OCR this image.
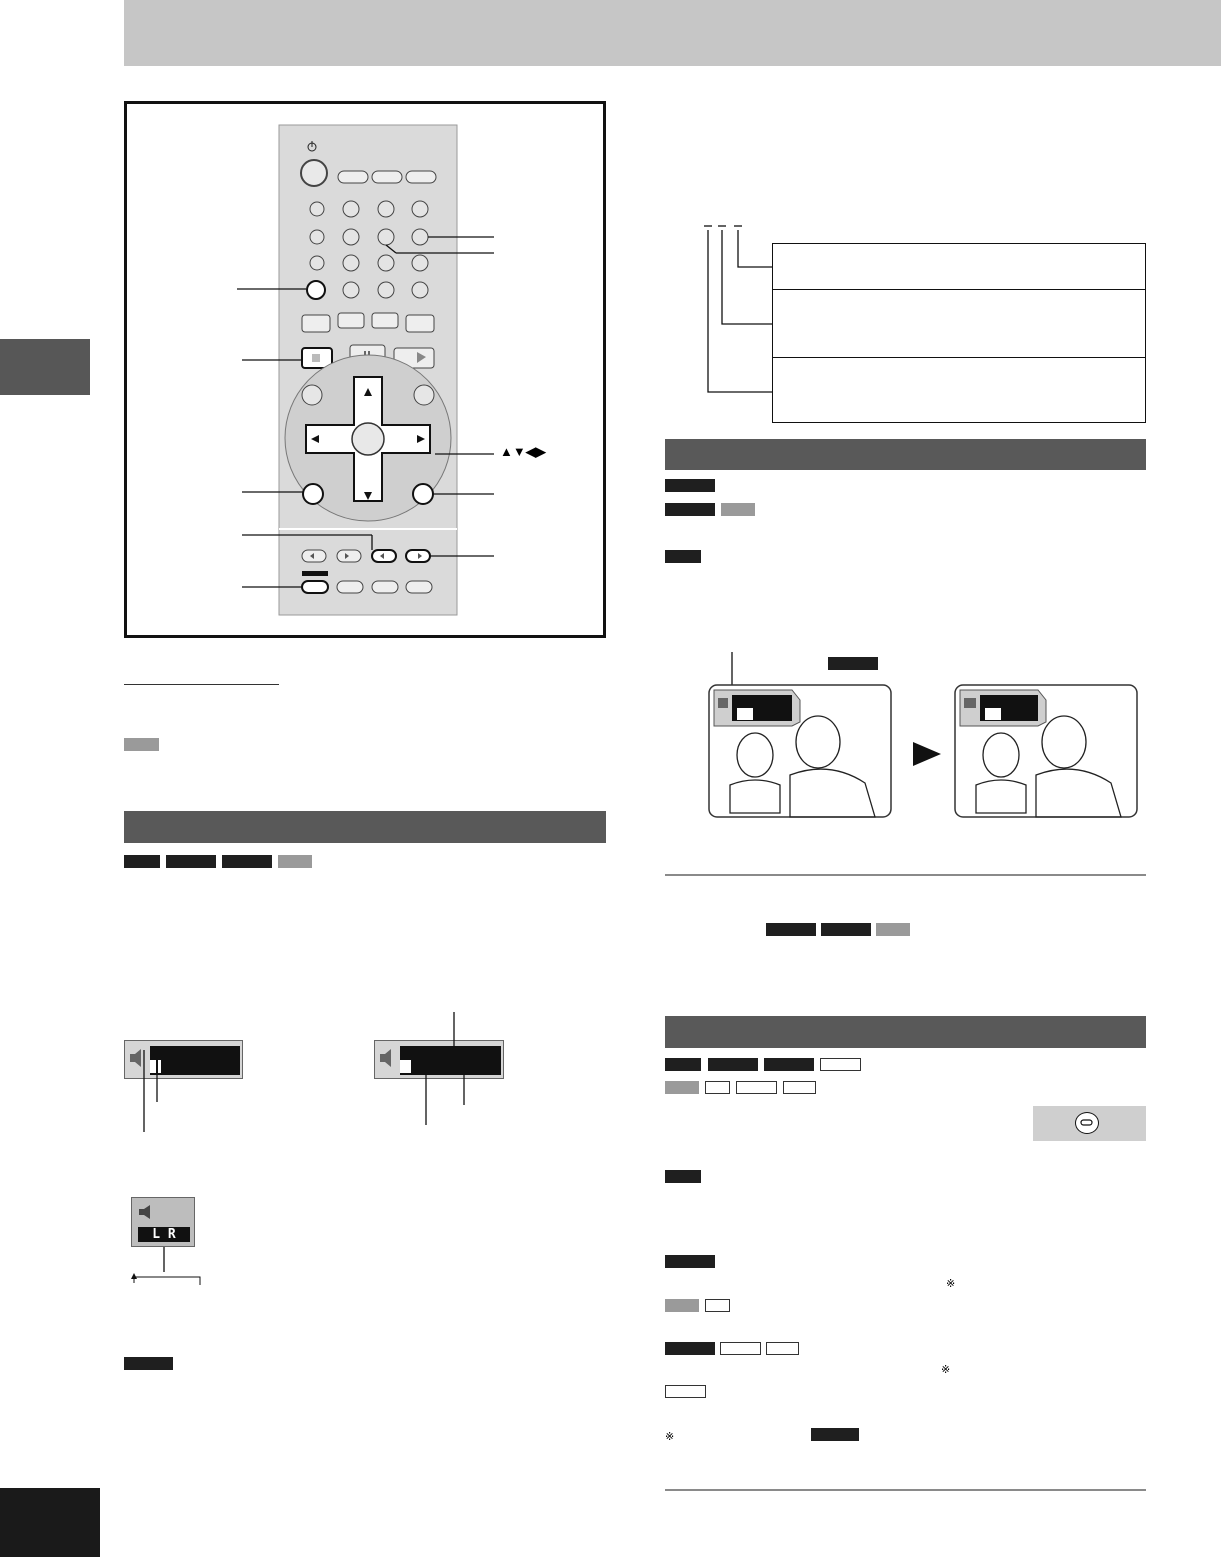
▲▼◀▶
L R
※
※
※
